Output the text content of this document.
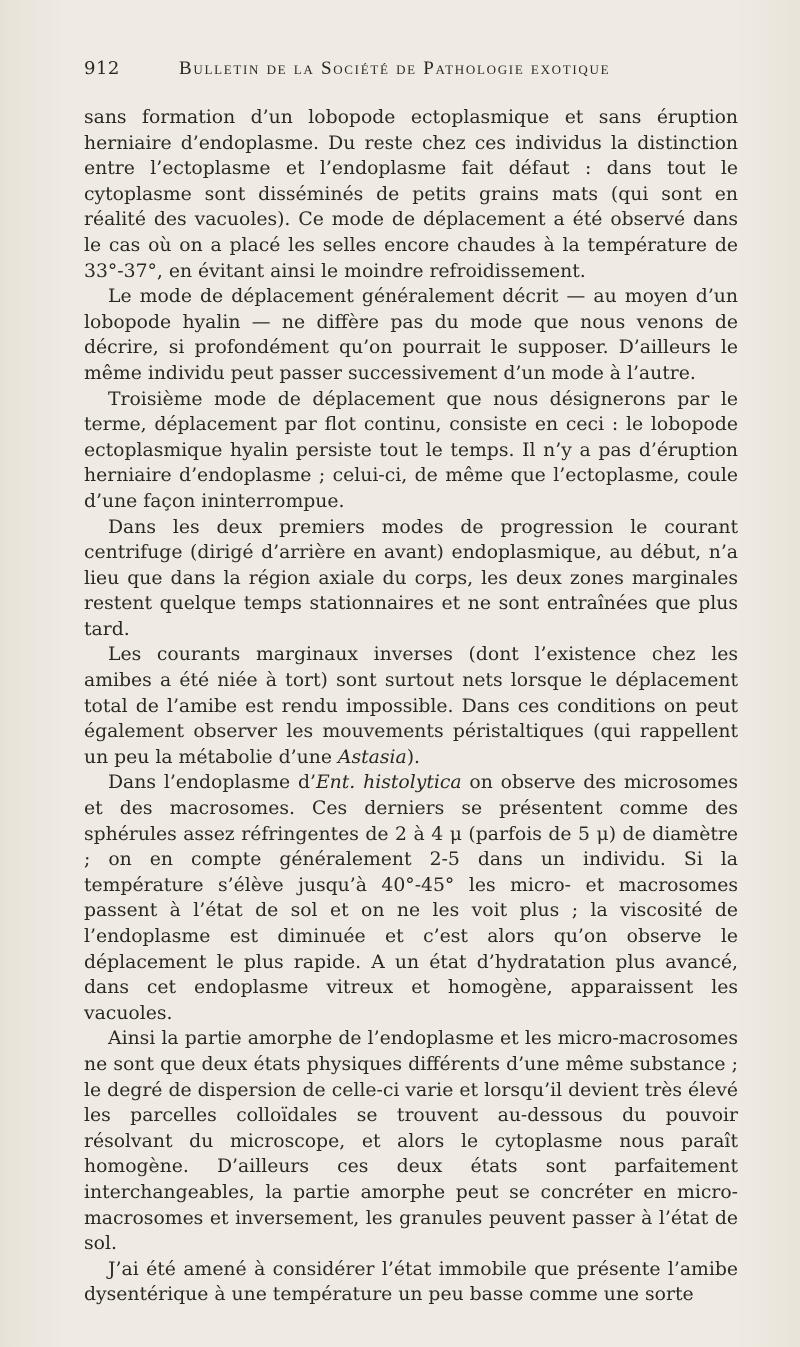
912	Bulletin de la Société de Pathologie exotique

sans formation d’un lobopode ectoplasmique et sans éruption herniaire d’endoplasme. Du reste chez ces individus la distinction entre l’ectoplasme et l’endoplasme fait défaut : dans tout le cytoplasme sont disséminés de petits grains mats (qui sont en réalité des vacuoles). Ce mode de déplacement a été observé dans le cas où on a placé les selles encore chaudes à la température de 33°-37°, en évitant ainsi le moindre refroidissement.

Le mode de déplacement généralement décrit — au moyen d’un lobopode hyalin — ne diffère pas du mode que nous venons de décrire, si profondément qu’on pourrait le supposer. D’ailleurs le même individu peut passer successivement d’un mode à l’autre.

Troisième mode de déplacement que nous désignerons par le terme, déplacement par flot continu, consiste en ceci : le lobopode ectoplasmique hyalin persiste tout le temps. Il n’y a pas d’éruption herniaire d’endoplasme ; celui-ci, de même que l’ectoplasme, coule d’une façon ininterrompue.

Dans les deux premiers modes de progression le courant centrifuge (dirigé d’arrière en avant) endoplasmique, au début, n’a lieu que dans la région axiale du corps, les deux zones marginales restent quelque temps stationnaires et ne sont entraînées que plus tard.

Les courants marginaux inverses (dont l’existence chez les amibes a été niée à tort) sont surtout nets lorsque le déplacement total de l’amibe est rendu impossible. Dans ces conditions on peut également observer les mouvements péristaltiques (qui rappellent un peu la métabolie d’une Astasia).

Dans l’endoplasme d’Ent. histolytica on observe des microsomes et des macrosomes. Ces derniers se présentent comme des sphérules assez réfringentes de 2 à 4 μ (parfois de 5 μ) de diamètre ; on en compte généralement 2-5 dans un individu. Si la température s’élève jusqu’à 40°-45° les micro- et macrosomes passent à l’état de sol et on ne les voit plus ; la viscosité de l’endoplasme est diminuée et c’est alors qu’on observe le déplacement le plus rapide. A un état d’hydratation plus avancé, dans cet endoplasme vitreux et homogène, apparaissent les vacuoles.

Ainsi la partie amorphe de l’endoplasme et les micro-macrosomes ne sont que deux états physiques différents d’une même substance ; le degré de dispersion de celle-ci varie et lorsqu’il devient très élevé les parcelles colloïdales se trouvent au-dessous du pouvoir résolvant du microscope, et alors le cytoplasme nous paraît homogène. D’ailleurs ces deux états sont parfaitement interchangeables, la partie amorphe peut se concréter en micro-macrosomes et inversement, les granules peuvent passer à l’état de sol.

J’ai été amené à considérer l’état immobile que présente l’amibe dysentérique à une température un peu basse comme une sorte
